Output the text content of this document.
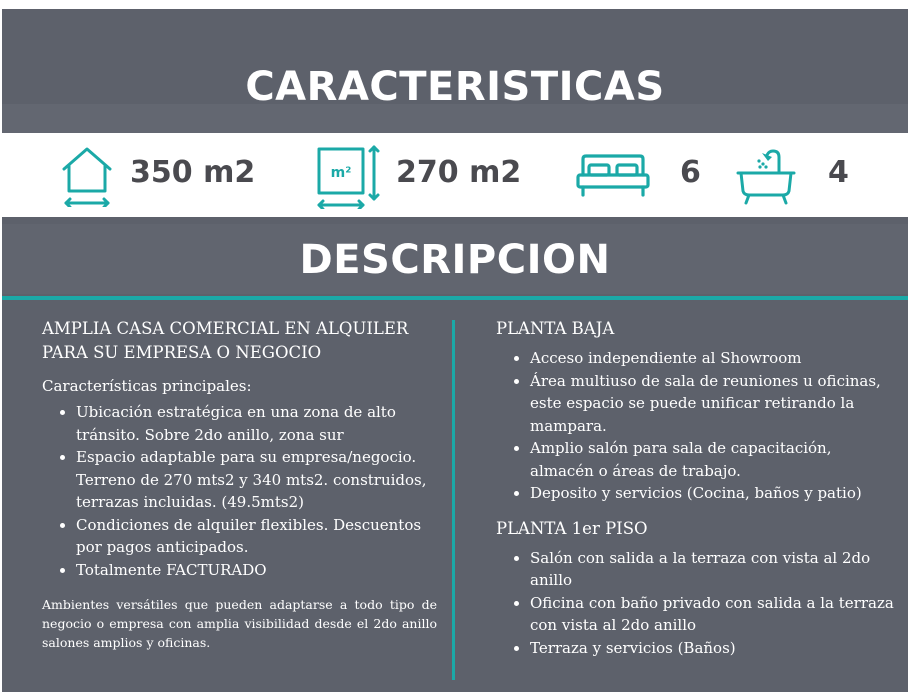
CARACTERISTICAS
350 m2	m² 270 m2	6	4
DESCRIPCION

AMPLIA CASA COMERCIAL EN ALQUILER PARA SU EMPRESA O NEGOCIO

Características principales:

• Ubicación estratégica en una zona de alto tránsito. Sobre 2do anillo, zona sur
• Espacio adaptable para su empresa/negocio. Terreno de 270 mts2 y 340 mts2. construidos, terrazas incluidas. (49.5mts2)
• Condiciones de alquiler flexibles. Descuentos por pagos anticipados.
• Totalmente FACTURADO
Ambientes versátiles que pueden adaptarse a todo tipo de negocio o empresa con amplia visibilidad desde el 2do anillo salones amplios y oficinas.

PLANTA BAJA

• Acceso independiente al Showroom
• Área multiuso de sala de reuniones u oficinas, este espacio se puede unificar retirando la mampara.
• Amplio salón para sala de capacitación, almacén o áreas de trabajo.
• Deposito y servicios (Cocina, baños y patio)

PLANTA 1er PISO

• Salón con salida a la terraza con vista al 2do anillo
• Oficina con baño privado con salida a la terraza con vista al 2do anillo
• Terraza y servicios (Baños)
